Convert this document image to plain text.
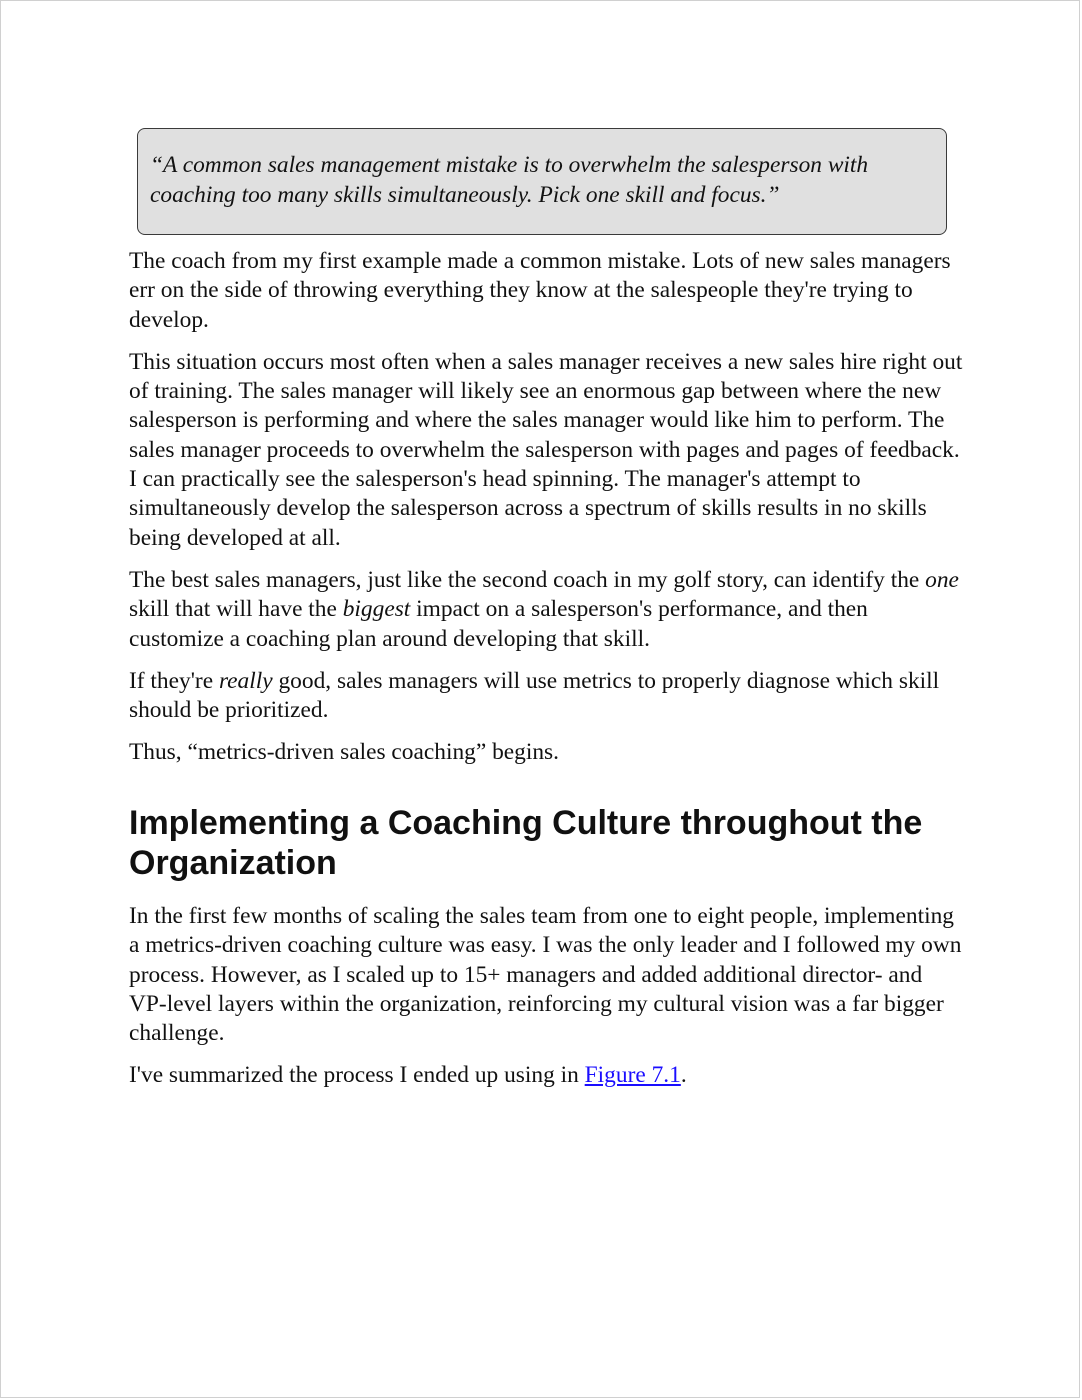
“A common sales management mistake is to overwhelm the salesperson with coaching too many skills simultaneously. Pick one skill and focus.”

The coach from my first example made a common mistake. Lots of new sales managers err on the side of throwing everything they know at the salespeople they're trying to develop.

This situation occurs most often when a sales manager receives a new sales hire right out of training. The sales manager will likely see an enormous gap between where the new salesperson is performing and where the sales manager would like him to perform. The sales manager proceeds to overwhelm the salesperson with pages and pages of feedback. I can practically see the salesperson's head spinning. The manager's attempt to simultaneously develop the salesperson across a spectrum of skills results in no skills being developed at all.

The best sales managers, just like the second coach in my golf story, can identify the one skill that will have the biggest impact on a salesperson's performance, and then customize a coaching plan around developing that skill.

If they're really good, sales managers will use metrics to properly diagnose which skill should be prioritized.

Thus, “metrics-driven sales coaching” begins.

Implementing a Coaching Culture throughout the Organization

In the first few months of scaling the sales team from one to eight people, implementing a metrics-driven coaching culture was easy. I was the only leader and I followed my own process. However, as I scaled up to 15+ managers and added additional director- and VP-level layers within the organization, reinforcing my cultural vision was a far bigger challenge.

I've summarized the process I ended up using in Figure 7.1.
